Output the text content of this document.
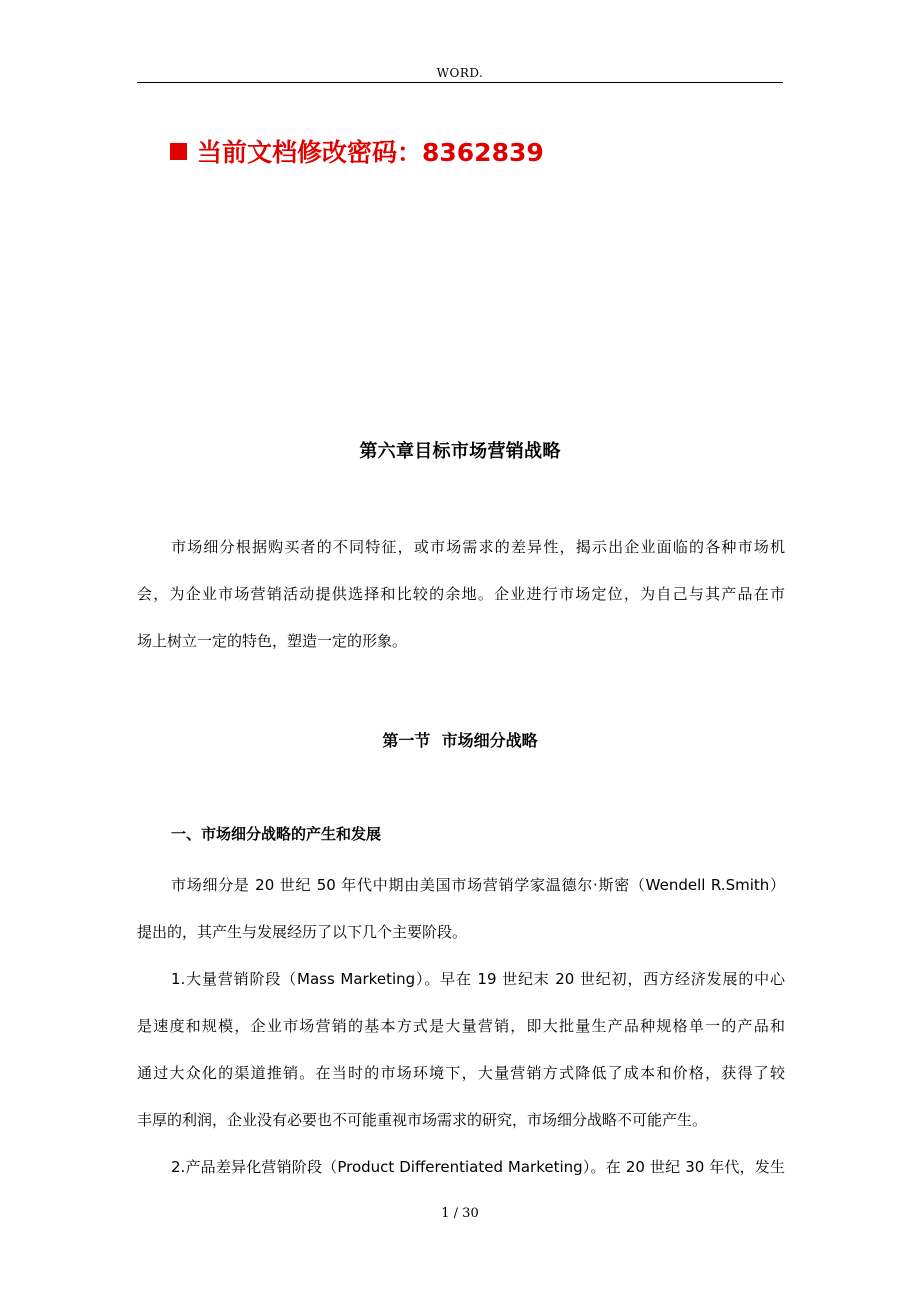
WORD.
当前文档修改密码：8362839
第六章目标市场营销战略
市场细分根据购买者的不同特征，或市场需求的差异性，揭示出企业面临的各种市场机
会，为企业市场营销活动提供选择和比较的余地。企业进行市场定位，为自己与其产品在市
场上树立一定的特色，塑造一定的形象。
第一节  市场细分战略
一、市场细分战略的产生和发展
市场细分是 20 世纪 50 年代中期由美国市场营销学家温德尔·斯密（Wendell R.Smith）
提出的，其产生与发展经历了以下几个主要阶段。
1.大量营销阶段（Mass Marketing）。早在 19 世纪末 20 世纪初，西方经济发展的中心
是速度和规模，企业市场营销的基本方式是大量营销，即大批量生产品种规格单一的产品和
通过大众化的渠道推销。在当时的市场环境下，大量营销方式降低了成本和价格，获得了较
丰厚的利润，企业没有必要也不可能重视市场需求的研究，市场细分战略不可能产生。
2.产品差异化营销阶段（Product Differentiated Marketing）。在 20 世纪 30 年代，发生
1 / 30
